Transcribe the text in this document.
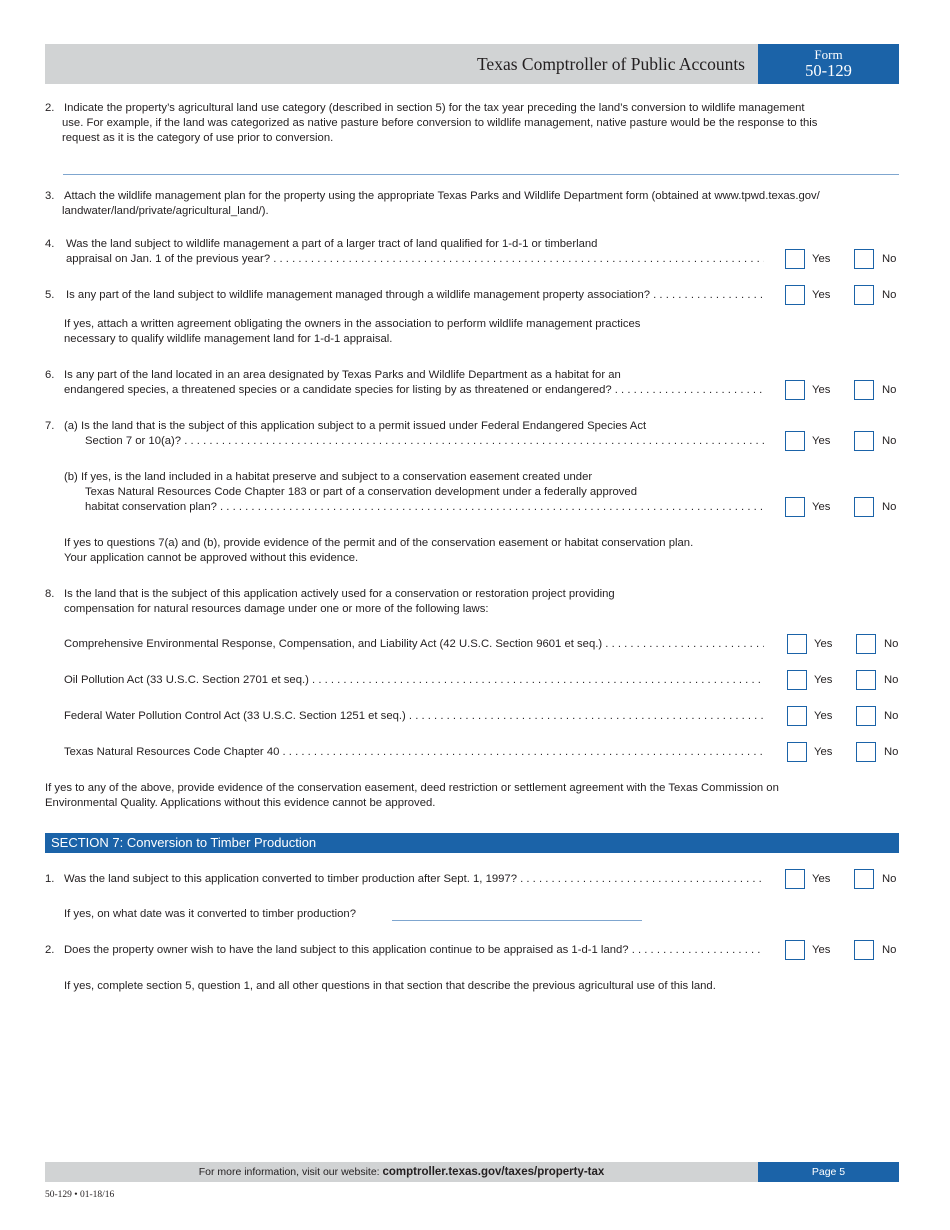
Texas Comptroller of Public Accounts	Form
50-129
2. Indicate the property’s agricultural land use category (described in section 5) for the tax year preceding the land’s conversion to wildlife management
use. For example, if the land was categorized as native pasture before conversion to wildlife management, native pasture would be the response to this
request as it is the category of use prior to conversion.
3. Attach the wildlife management plan for the property using the appropriate Texas Parks and Wildlife Department form (obtained at www.tpwd.texas.gov/
landwater/land/private/agricultural_land/).
4. Was the land subject to wildlife management a part of a larger tract of land qualified for 1-d-1 or timberland
appraisal on Jan. 1 of the previous year? . . .	Yes	No
5. Is any part of the land subject to wildlife management managed through a wildlife management property association? . . .	Yes	No
If yes, attach a written agreement obligating the owners in the association to perform wildlife management practices
necessary to qualify wildlife management land for 1-d-1 appraisal.
6. Is any part of the land located in an area designated by Texas Parks and Wildlife Department as a habitat for an
endangered species, a threatened species or a candidate species for listing by as threatened or endangered? . . .	Yes	No
7. (a) Is the land that is the subject of this application subject to a permit issued under Federal Endangered Species Act
Section 7 or 10(a)? . . .	Yes	No
(b) If yes, is the land included in a habitat preserve and subject to a conservation easement created under
Texas Natural Resources Code Chapter 183 or part of a conservation development under a federally approved
habitat conservation plan? . . .	Yes	No
If yes to questions 7(a) and (b), provide evidence of the permit and of the conservation easement or habitat conservation plan.
Your application cannot be approved without this evidence.
8. Is the land that is the subject of this application actively used for a conservation or restoration project providing
compensation for natural resources damage under one or more of the following laws:
Comprehensive Environmental Response, Compensation, and Liability Act (42 U.S.C. Section 9601 et seq.) . . .	Yes	No
Oil Pollution Act (33 U.S.C. Section 2701 et seq.) . . .	Yes	No
Federal Water Pollution Control Act (33 U.S.C. Section 1251 et seq.) . . .	Yes	No
Texas Natural Resources Code Chapter 40 . . .	Yes	No
If yes to any of the above, provide evidence of the conservation easement, deed restriction or settlement agreement with the Texas Commission on
Environmental Quality. Applications without this evidence cannot be approved.
SECTION 7: Conversion to Timber Production
1. Was the land subject to this application converted to timber production after Sept. 1, 1997? . . .	Yes	No
If yes, on what date was it converted to timber production?
2. Does the property owner wish to have the land subject to this application continue to be appraised as 1-d-1 land? . . .	Yes	No
If yes, complete section 5, question 1, and all other questions in that section that describe the previous agricultural use of this land.
For more information, visit our website: comptroller.texas.gov/taxes/property-tax	Page 5
50-129 • 01-18/16
